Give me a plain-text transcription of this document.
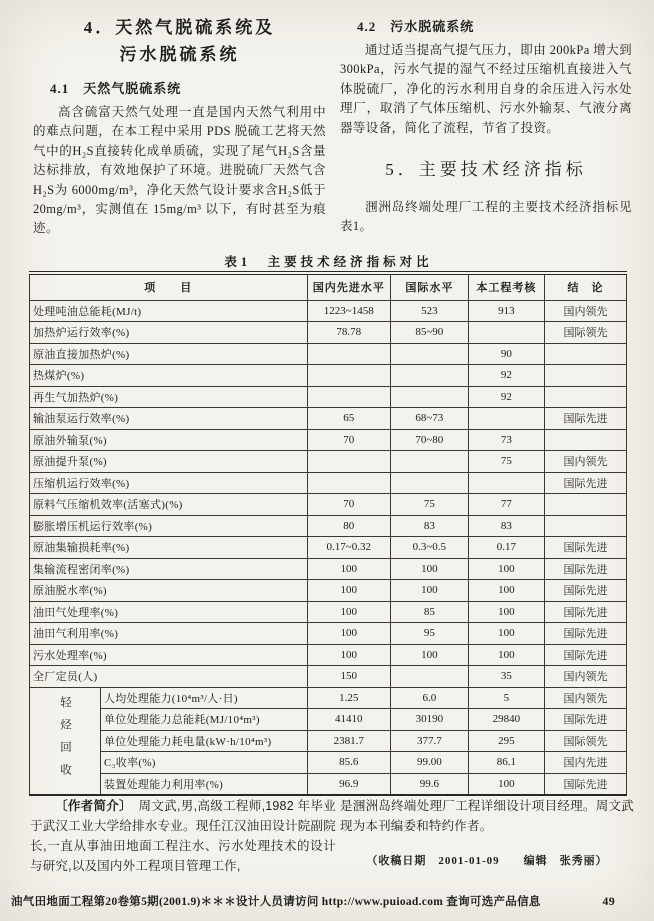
4．天然气脱硫系统及
污水脱硫系统
4.1　天然气脱硫系统

高含硫富天然气处理一直是国内天然气利用中的难点问题，在本工程中采用 PDS 脱硫工艺将天然气中的H₂S直接转化成单质硫，实现了尾气H₂S含量达标排放，有效地保护了环境。进脱硫厂天然气含H₂S为 6000mg/m³，净化天然气设计要求含H₂S低于 20mg/m³，实测值在 15mg/m³ 以下，有时甚至为痕迹。

4.2　污水脱硫系统

通过适当提高气提气压力，即由 200kPa 增大到 300kPa，污水气提的湿气不经过压缩机直接进入气体脱硫厂，净化的污水利用自身的余压进入污水处理厂，取消了气体压缩机、污水外输泵、气液分离器等设备，简化了流程，节省了投资。

5．主要技术经济指标

涠洲岛终端处理厂工程的主要技术经济指标见表1。

表1　主要技术经济指标对比
项　　目		国内先进水平	国际水平	本工程考核	结　论
处理吨油总能耗(MJ/t)		1223~1458	523	913	国内领先
加热炉运行效率(%)		78.78	85~90		国际领先
原油直接加热炉(%)				90	
热煤炉(%)				92	
再生气加热炉(%)				92	
输油泵运行效率(%)		65	68~73		国际先进
原油外输泵(%)		70	70~80	73	
原油提升泵(%)				75	国内领先
压缩机运行效率(%)					国际先进
原料气压缩机效率(活塞式)(%)		70	75	77	
膨胀增压机运行效率(%)		80	83	83	
原油集输损耗率(%)		0.17~0.32	0.3~0.5	0.17	国际先进
集输流程密闭率(%)		100	100	100	国际先进
原油脱水率(%)		100	100	100	国际先进
油田气处理率(%)		100	85	100	国际先进
油田气利用率(%)		100	95	100	国际先进
污水处理率(%)		100	100	100	国际先进
全厂定员(人)		150		35	国内领先
轻烃回收	人均处理能力(10⁴m³/人·日)	1.25	6.0	5	国内领先
	单位处理能力总能耗(MJ/10⁴m³)	41410	30190	29840	国际先进
	单位处理能力耗电量(kW·h/10⁴m³)	2381.7	377.7	295	国际领先
	C₃收率(%)	85.6	99.00	86.1	国内先进
	装置处理能力利用率(%)	96.9	99.6	100	国际先进

〔作者简介〕　周文武,男,高级工程师,1982 年毕业于武汉工业大学给排水专业。现任江汉油田设计院副院长,一直从事油田地面工程注水、污水处理技术的设计与研究,以及国内外工程项目管理工作,

是涠洲岛终端处理厂工程详细设计项目经理。周文武现为本刊编委和特约作者。

（收稿日期　2001-01-09　　编辑　张秀丽）
油气田地面工程第20卷第5期(2001.9)＊＊＊设计人员请访问 http://www.puioad.com 查询可选产品信息	49
